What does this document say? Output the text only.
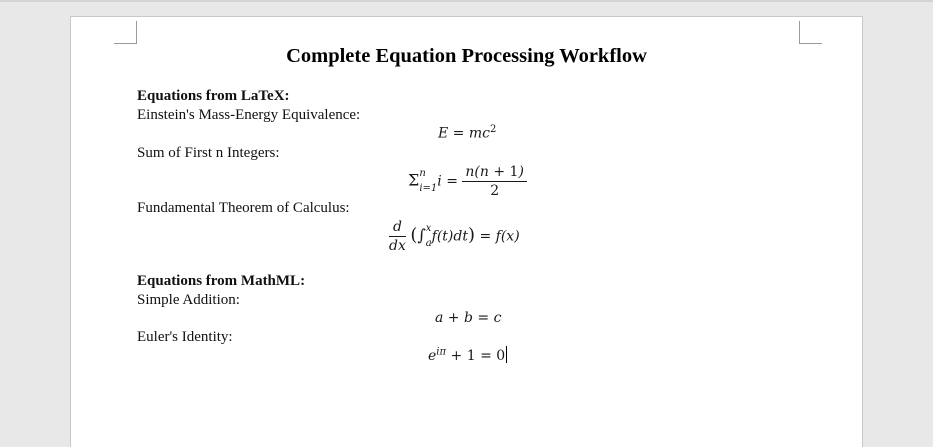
Complete Equation Processing Workflow
Equations from LaTeX:
Einstein's Mass-Energy Equivalence:
$E = mc^2$
Sum of First n Integers:
$\Sigma^n$
$_{i=1}i = \frac{n(n + 1)}{2}$
Fundamental Theorem of Calculus:
$\frac{d}{dx} (\int^x$
$_a$f(t)dt) = f(x)
Equations from MathML:
Simple Addition:
a + b = c
Euler's Identity:
$e^{i\pi} + 1 = 0$
